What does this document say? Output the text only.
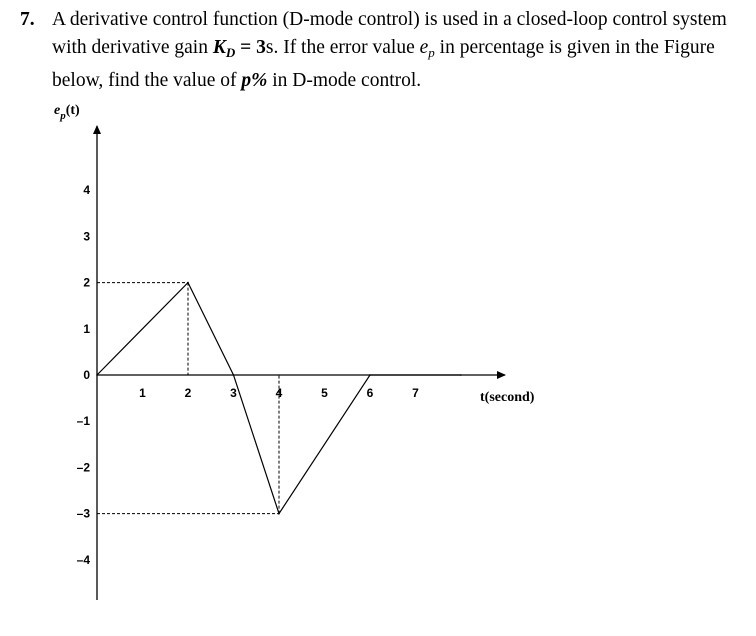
7. A derivative control function (D-mode control) is used in a closed-loop control system
with derivative gain $K_D = 3s$. If the error value $e_p$ in percentage is given in the Figure
below, find the value of p% in D-mode control.
$e_p(t)$
t(second)
4
3
2
1
0
–1
–2
–3
–4
1	2	3	4	5	6	7
